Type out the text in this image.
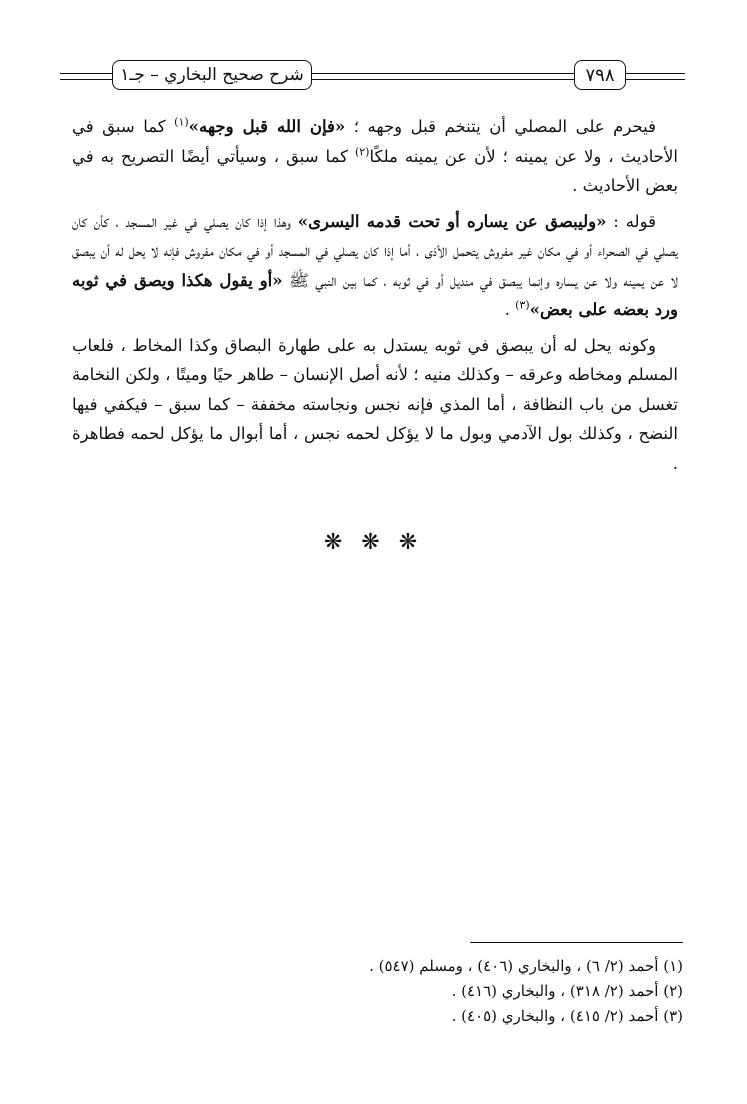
شرح صحيح البخاري – جـ١	٧٩٨

فيحرم على المصلي أن يتنخم قبل وجهه ؛ «فإن الله قبل وجهه»$^{(١)}$ كما سبق في الأحاديث ، ولا عن يمينه ؛ لأن عن يمينه ملكًا$^{(٢)}$ كما سبق ، وسيأتي أيضًا التصريح به في بعض الأحاديث .

قوله : «وليبصق عن يساره أو تحت قدمه اليسرى» وهذا إذا كان يصلي في غير المسجد ، كأن كان يصلي في الصحراء أو في مكان غير مفروش يتحمل الأذى ، أما إذا كان يصلي في المسجد أو في مكان مفروش فإنه لا يحل له أن يبصق لا عن يمينه ولا عن يساره وإنما يبصق في منديل أو في ثوبه ، كما بين النبي ﷺ «أو يقول هكذا ويصق في ثوبه ورد بعضه على بعض»$^{(٣)}$ .

وكونه يحل له أن يبصق في ثوبه يستدل به على طهارة البصاق وكذا المخاط ، فلعاب المسلم ومخاطه وعرقه – وكذلك منيه ؛ لأنه أصل الإنسان – طاهر حيًا وميتًا ، ولكن النخامة تغسل من باب النظافة ، أما المذي فإنه نجس ونجاسته مخففة – كما سبق – فيكفي فيها النضح ، وكذلك بول الآدمي وبول ما لا يؤكل لحمه نجس ، أما أبوال ما يؤكل لحمه فطاهرة .

❋ ❋ ❋
(١) أحمد (٢/ ٦) ، والبخاري (٤٠٦) ، ومسلم (٥٤٧) .
(٢) أحمد (٢/ ٣١٨) ، والبخاري (٤١٦) .
(٣) أحمد (٢/ ٤١٥) ، والبخاري (٤٠٥) .
